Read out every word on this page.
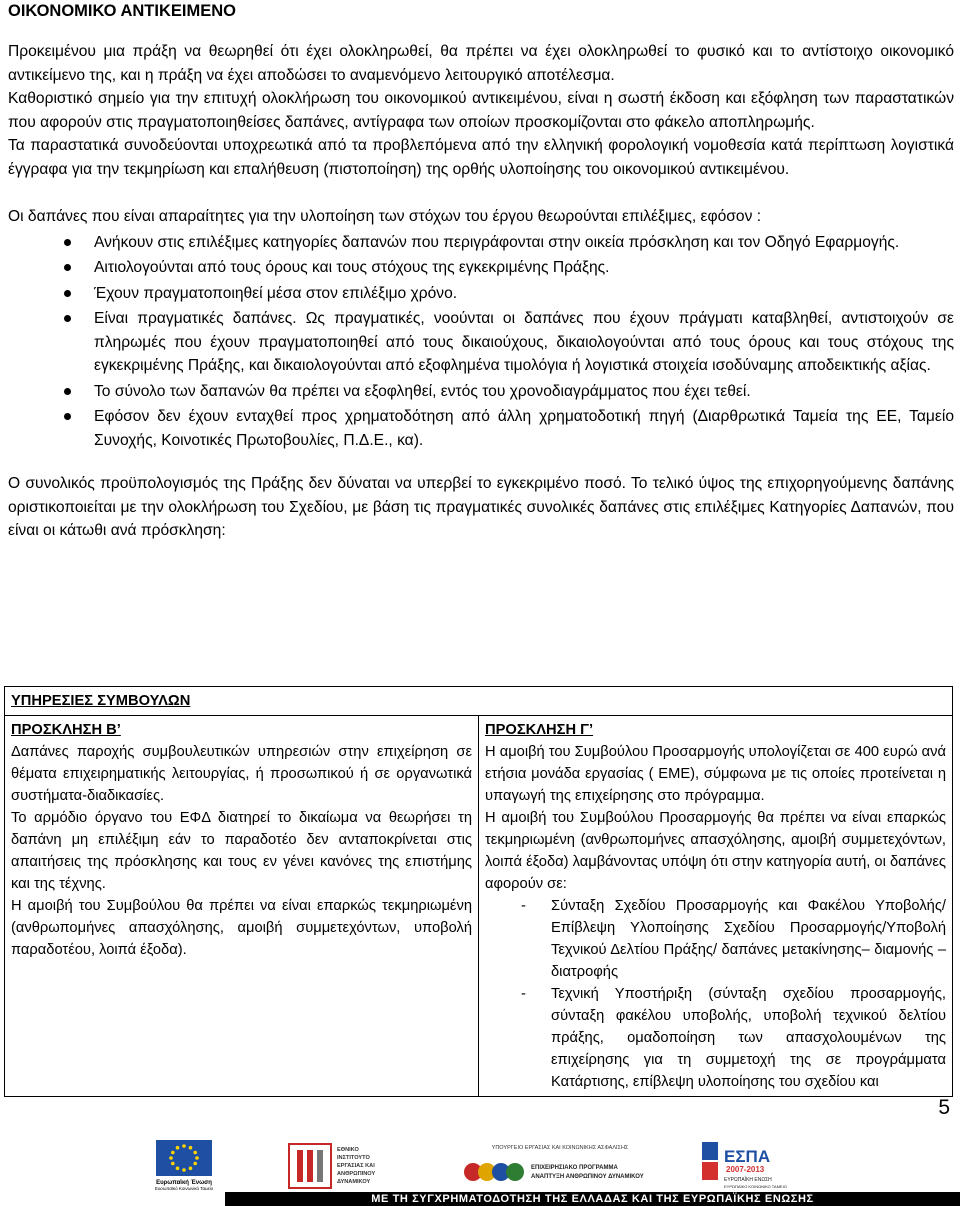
ΟΙΚΟΝΟΜΙΚΟ ΑΝΤΙΚΕΙΜΕΝΟ

Προκειμένου μια πράξη να θεωρηθεί ότι έχει ολοκληρωθεί, θα πρέπει να έχει ολοκληρωθεί το φυσικό και το αντίστοιχο οικονομικό αντικείμενο της, και η πράξη να έχει αποδώσει το αναμενόμενο λειτουργικό αποτέλεσμα.

Καθοριστικό σημείο για την επιτυχή ολοκλήρωση του οικονομικού αντικειμένου, είναι η σωστή έκδοση και εξόφληση των παραστατικών που αφορούν στις πραγματοποιηθείσες δαπάνες, αντίγραφα των οποίων προσκομίζονται στο φάκελο αποπληρωμής.

Τα παραστατικά συνοδεύονται υποχρεωτικά από τα προβλεπόμενα από την ελληνική φορολογική νομοθεσία κατά περίπτωση λογιστικά έγγραφα για την τεκμηρίωση και επαλήθευση (πιστοποίηση) της ορθής υλοποίησης του οικονομικού αντικειμένου.

Οι δαπάνες που είναι απαραίτητες για την υλοποίηση των στόχων του έργου θεωρούνται επιλέξιμες, εφόσον :

Ανήκουν στις επιλέξιμες κατηγορίες δαπανών που περιγράφονται στην οικεία πρόσκληση και τον Οδηγό Εφαρμογής.
Αιτιολογούνται από τους όρους και τους στόχους της εγκεκριμένης Πράξης.
Έχουν πραγματοποιηθεί μέσα στον επιλέξιμο χρόνο.
Είναι πραγματικές δαπάνες. Ως πραγματικές, νοούνται οι δαπάνες που έχουν πράγματι καταβληθεί, αντιστοιχούν σε πληρωμές που έχουν πραγματοποιηθεί από τους δικαιούχους, δικαιολογούνται από τους όρους και τους στόχους της εγκεκριμένης Πράξης, και δικαιολογούνται από εξοφλημένα τιμολόγια ή λογιστικά στοιχεία ισοδύναμης αποδεικτικής αξίας.
Το σύνολο των δαπανών θα πρέπει να εξοφληθεί, εντός του χρονοδιαγράμματος που έχει τεθεί.
Εφόσον δεν έχουν ενταχθεί προς χρηματοδότηση από άλλη χρηματοδοτική πηγή (Διαρθρωτικά Ταμεία της ΕΕ, Ταμείο Συνοχής, Κοινοτικές Πρωτοβουλίες, Π.Δ.Ε., κα).

Ο συνολικός προϋπολογισμός της Πράξης δεν δύναται να υπερβεί το εγκεκριμένο ποσό. Το τελικό ύψος της επιχορηγούμενης δαπάνης οριστικοποιείται με την ολοκλήρωση του Σχεδίου, με βάση τις πραγματικές συνολικές δαπάνες στις επιλέξιμες Κατηγορίες Δαπανών, που είναι οι κάτωθι ανά πρόσκληση:

ΥΠΗΡΕΣΙΕΣ ΣΥΜΒΟΥΛΩΝ

ΠΡΟΣΚΛΗΣΗ Β’

Δαπάνες παροχής συμβουλευτικών υπηρεσιών στην επιχείρηση σε θέματα επιχειρηματικής λειτουργίας, ή προσωπικού ή σε οργανωτικά συστήματα-διαδικασίες.

Το αρμόδιο όργανο του ΕΦΔ διατηρεί το δικαίωμα να θεωρήσει τη δαπάνη μη επιλέξιμη εάν το παραδοτέο δεν ανταποκρίνεται στις απαιτήσεις της πρόσκλησης και τους εν γένει κανόνες της επιστήμης και της τέχνης.

Η αμοιβή του Συμβούλου θα πρέπει να είναι επαρκώς τεκμηριωμένη (ανθρωπομήνες απασχόλησης, αμοιβή συμμετεχόντων, υποβολή παραδοτέου, λοιπά έξοδα).

ΠΡΟΣΚΛΗΣΗ Γ’

Η αμοιβή του Συμβούλου Προσαρμογής υπολογίζεται σε 400 ευρώ ανά ετήσια μονάδα εργασίας ( ΕΜΕ), σύμφωνα με τις οποίες προτείνεται η υπαγωγή της επιχείρησης στο πρόγραμμα.

Η αμοιβή του Συμβούλου Προσαρμογής θα πρέπει να είναι επαρκώς τεκμηριωμένη (ανθρωπομήνες απασχόλησης, αμοιβή συμμετεχόντων, λοιπά έξοδα) λαμβάνοντας υπόψη ότι στην κατηγορία αυτή, οι δαπάνες αφορούν σε:

- Σύνταξη Σχεδίου Προσαρμογής και Φακέλου Υποβολής/ Επίβλεψη Υλοποίησης Σχεδίου Προσαρμογής/Υποβολή Τεχνικού Δελτίου Πράξης/ δαπάνες μετακίνησης– διαμονής –διατροφής
- Τεχνική Υποστήριξη (σύνταξη σχεδίου προσαρμογής, σύνταξη φακέλου υποβολής, υποβολή τεχνικού δελτίου πράξης, ομαδοποίηση των απασχολουμένων της επιχείρησης για τη συμμετοχή της σε προγράμματα Κατάρτισης, επίβλεψη υλοποίησης του σχεδίου και
5
Ευρωπαϊκή Ένωση
Ευρωπαϊκό Κοινωνικό Ταμείο
ΕΘΝΙΚΟ
ΙΝΣΤΙΤΟΥΤΟ
ΕΡΓΑΣΙΑΣ ΚΑΙ
ΑΝΘΡΩΠΙΝΟΥ
ΔΥΝΑΜΙΚΟΥ
ΥΠΟΥΡΓΕΙΟ ΕΡΓΑΣΙΑΣ ΚΑΙ ΚΟΙΝΩΝΙΚΗΣ ΑΣΦΑΛΙΣΗΣ
ΕΠΙΧΕΙΡΗΣΙΑΚΟ ΠΡΟΓΡΑΜΜΑ
ΑΝΑΠΤΥΞΗ ΑΝΘΡΩΠΙΝΟΥ ΔΥΝΑΜΙΚΟΥ
ΕΣΠΑ
2007-2013
ΕΥΡΩΠΑΪΚΗ ΕΝΩΣΗ
ΕΥΡΩΠΑΪΚΟ ΚΟΙΝΩΝΙΚΟ ΤΑΜΕΙΟ
ΜΕ ΤΗ ΣΥΓΧΡΗΜΑΤΟΔΟΤΗΣΗ ΤΗΣ ΕΛΛΑΔΑΣ ΚΑΙ ΤΗΣ ΕΥΡΩΠΑΪΚΗΣ ΕΝΩΣΗΣ
